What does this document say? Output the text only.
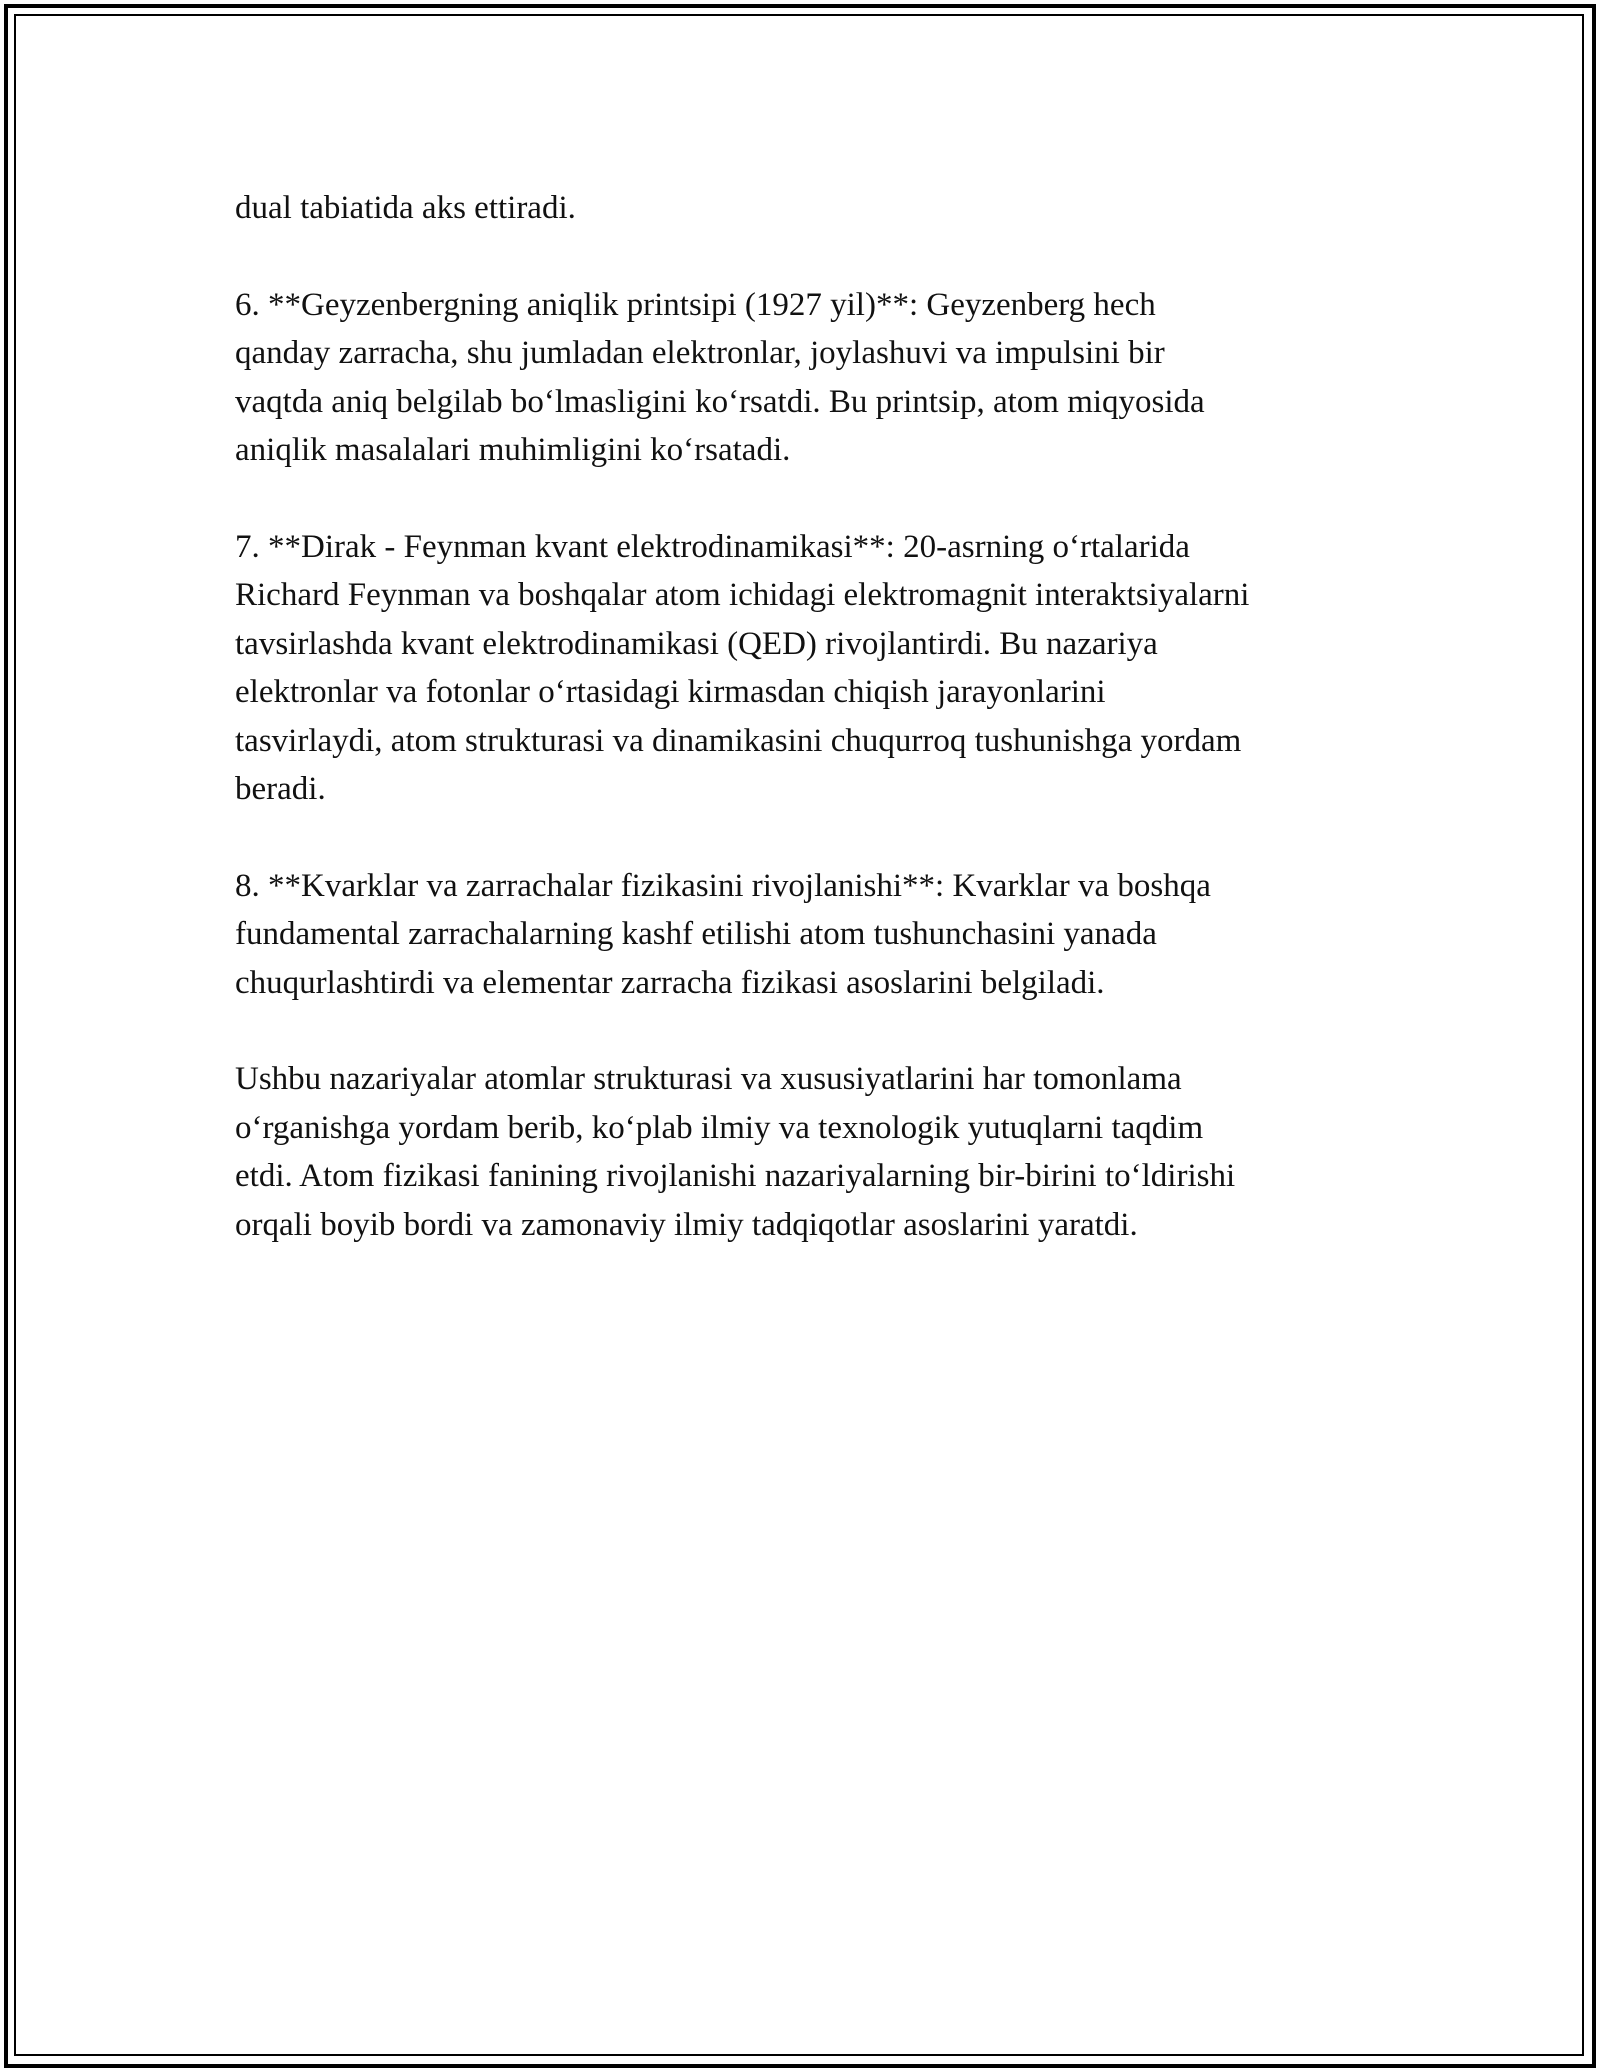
dual tabiatida aks ettiradi.

6. **Geyzenbergning aniqlik printsipi (1927 yil)**: Geyzenberg hech
qanday zarracha, shu jumladan elektronlar, joylashuvi va impulsini bir
vaqtda aniq belgilab bo‘lmasligini ko‘rsatdi. Bu printsip, atom miqyosida
aniqlik masalalari muhimligini ko‘rsatadi.

7. **Dirak - Feynman kvant elektrodinamikasi**: 20-asrning o‘rtalarida
Richard Feynman va boshqalar atom ichidagi elektromagnit interaktsiyalarni
tavsirlashda kvant elektrodinamikasi (QED) rivojlantirdi. Bu nazariya
elektronlar va fotonlar o‘rtasidagi kirmasdan chiqish jarayonlarini
tasvirlaydi, atom strukturasi va dinamikasini chuqurroq tushunishga yordam
beradi.

8. **Kvarklar va zarrachalar fizikasini rivojlanishi**: Kvarklar va boshqa
fundamental zarrachalarning kashf etilishi atom tushunchasini yanada
chuqurlashtirdi va elementar zarracha fizikasi asoslarini belgiladi.

Ushbu nazariyalar atomlar strukturasi va xususiyatlarini har tomonlama
o‘rganishga yordam berib, ko‘plab ilmiy va texnologik yutuqlarni taqdim
etdi. Atom fizikasi fanining rivojlanishi nazariyalarning bir-birini to‘ldirishi
orqali boyib bordi va zamonaviy ilmiy tadqiqotlar asoslarini yaratdi.
